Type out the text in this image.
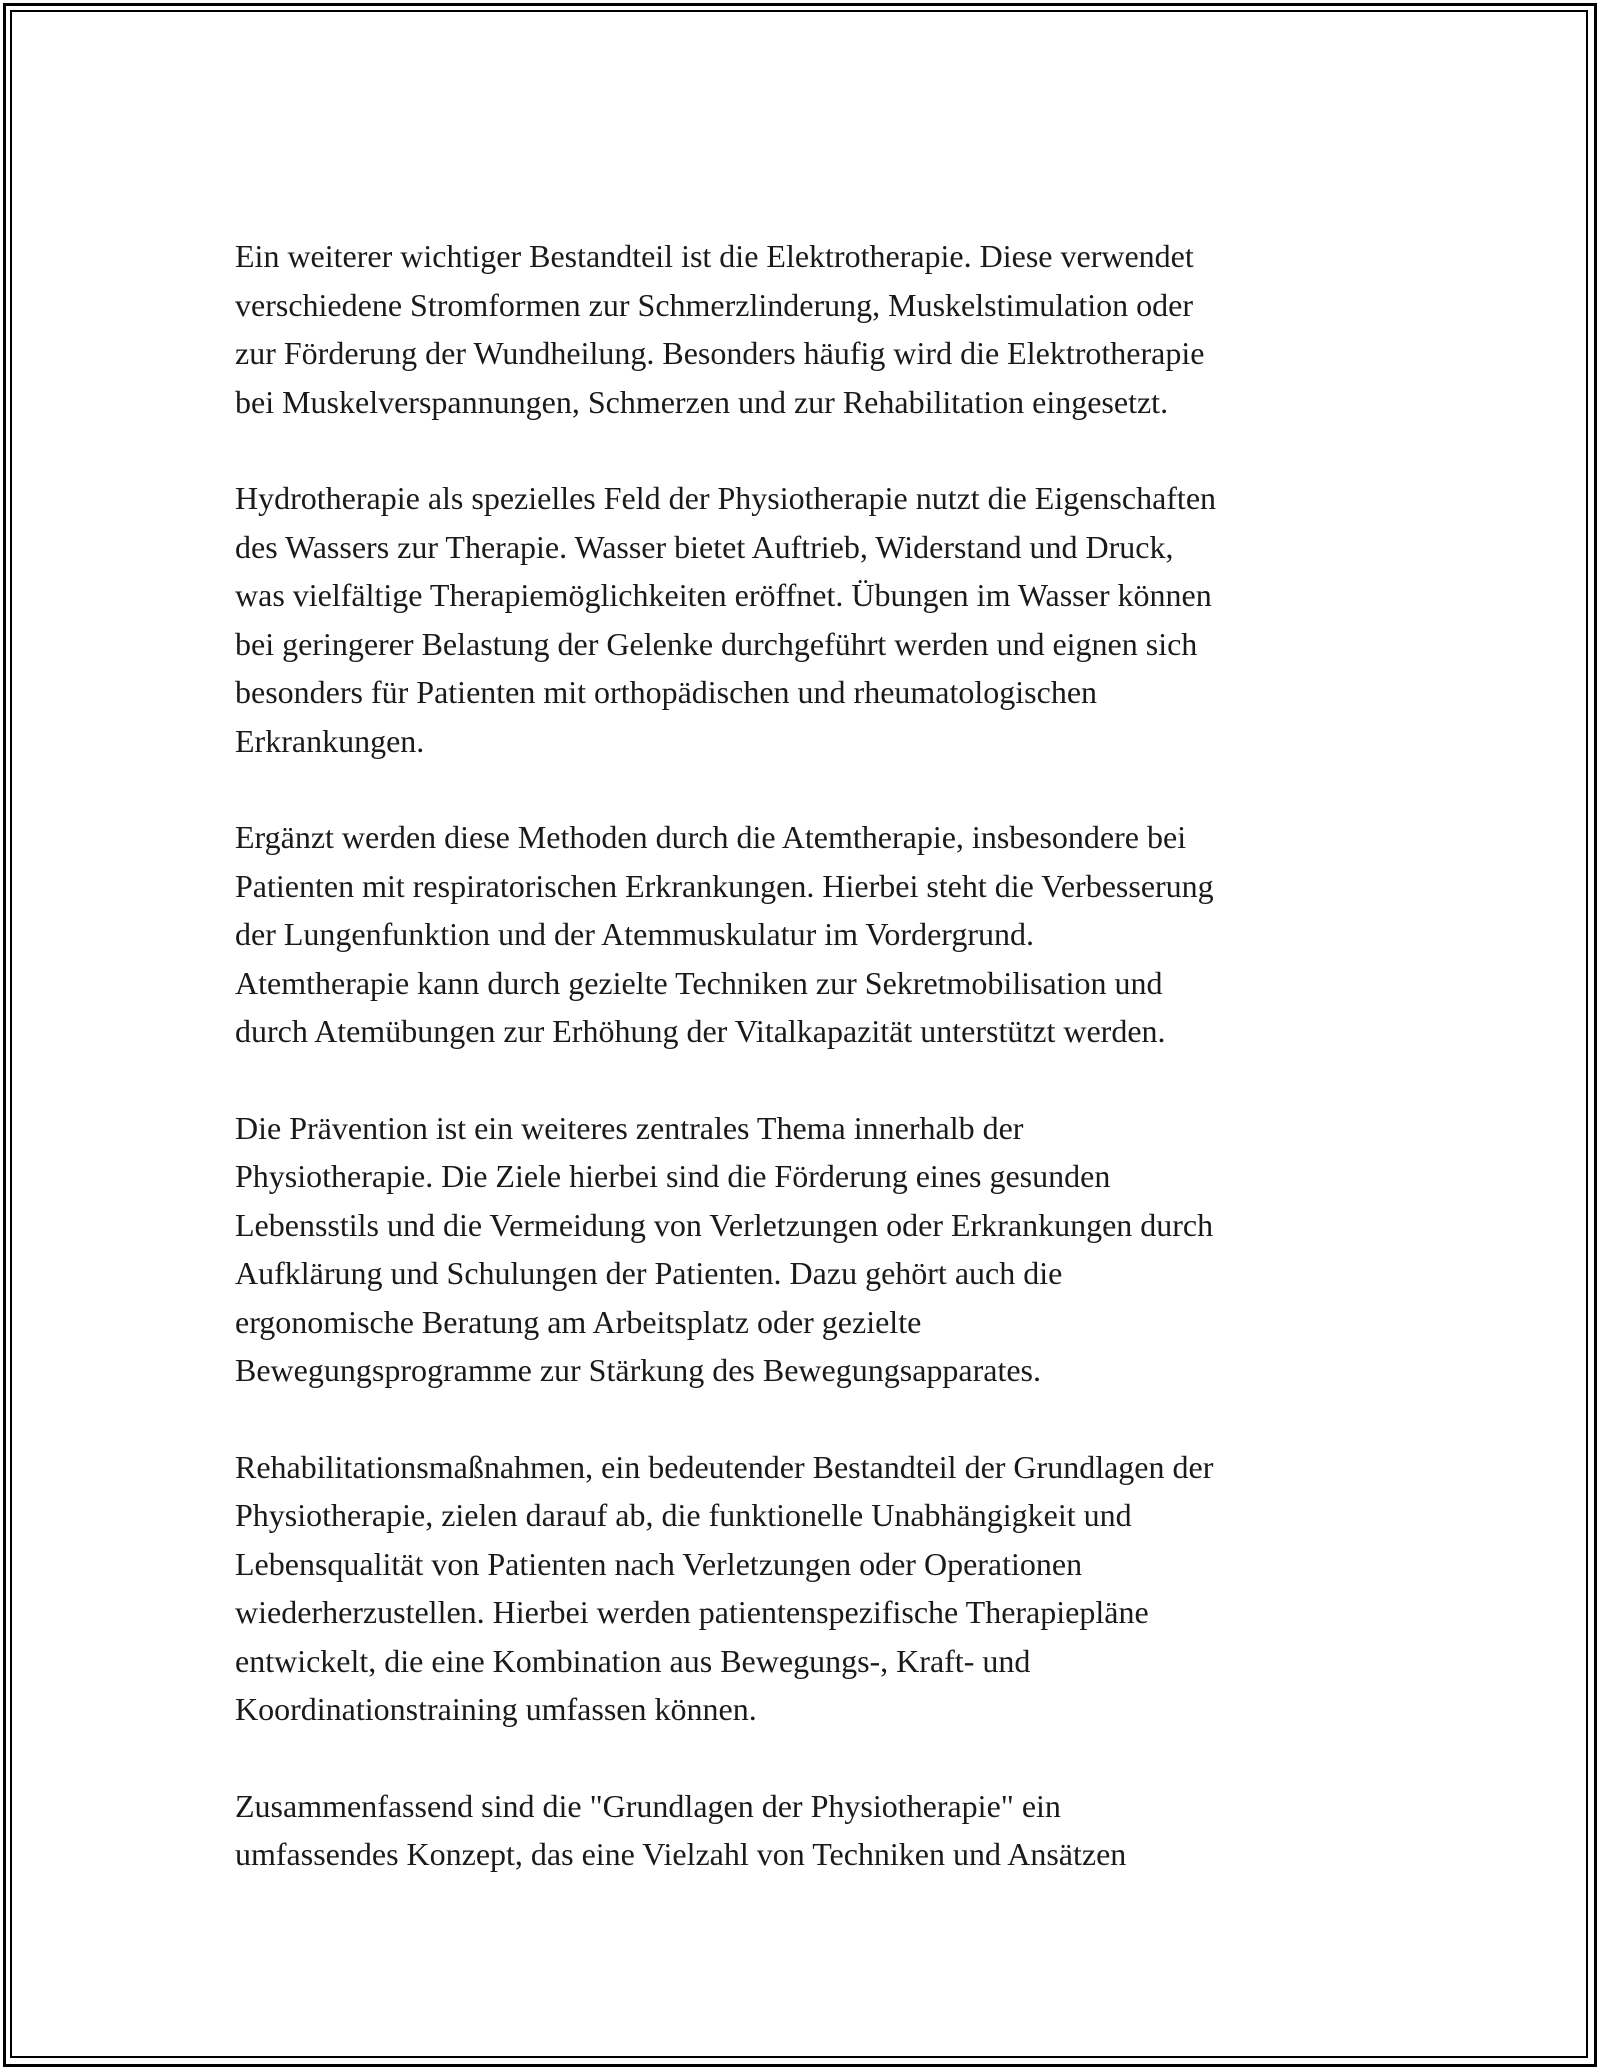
Ein weiterer wichtiger Bestandteil ist die Elektrotherapie. Diese verwendet
verschiedene Stromformen zur Schmerzlinderung, Muskelstimulation oder
zur Förderung der Wundheilung. Besonders häufig wird die Elektrotherapie
bei Muskelverspannungen, Schmerzen und zur Rehabilitation eingesetzt.

Hydrotherapie als spezielles Feld der Physiotherapie nutzt die Eigenschaften
des Wassers zur Therapie. Wasser bietet Auftrieb, Widerstand und Druck,
was vielfältige Therapiemöglichkeiten eröffnet. Übungen im Wasser können
bei geringerer Belastung der Gelenke durchgeführt werden und eignen sich
besonders für Patienten mit orthopädischen und rheumatologischen
Erkrankungen.

Ergänzt werden diese Methoden durch die Atemtherapie, insbesondere bei
Patienten mit respiratorischen Erkrankungen. Hierbei steht die Verbesserung
der Lungenfunktion und der Atemmuskulatur im Vordergrund.
Atemtherapie kann durch gezielte Techniken zur Sekretmobilisation und
durch Atemübungen zur Erhöhung der Vitalkapazität unterstützt werden.

Die Prävention ist ein weiteres zentrales Thema innerhalb der
Physiotherapie. Die Ziele hierbei sind die Förderung eines gesunden
Lebensstils und die Vermeidung von Verletzungen oder Erkrankungen durch
Aufklärung und Schulungen der Patienten. Dazu gehört auch die
ergonomische Beratung am Arbeitsplatz oder gezielte
Bewegungsprogramme zur Stärkung des Bewegungsapparates.

Rehabilitationsmaßnahmen, ein bedeutender Bestandteil der Grundlagen der
Physiotherapie, zielen darauf ab, die funktionelle Unabhängigkeit und
Lebensqualität von Patienten nach Verletzungen oder Operationen
wiederherzustellen. Hierbei werden patientenspezifische Therapiepläne
entwickelt, die eine Kombination aus Bewegungs-, Kraft- und
Koordinationstraining umfassen können.

Zusammenfassend sind die "Grundlagen der Physiotherapie" ein
umfassendes Konzept, das eine Vielzahl von Techniken und Ansätzen
